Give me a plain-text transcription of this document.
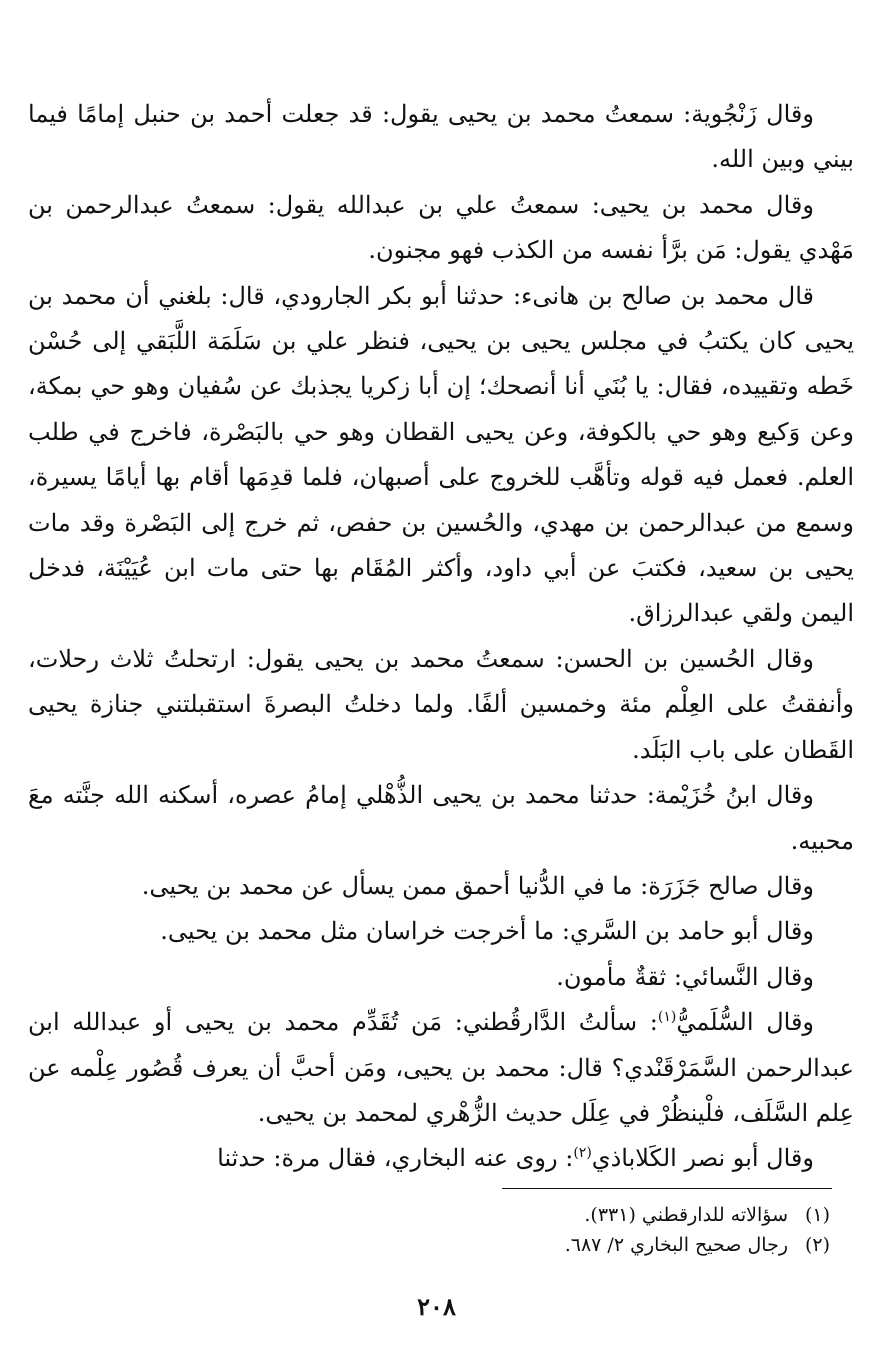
وقال زَنْجُوية: سمعتُ محمد بن يحيى يقول: قد جعلت أحمد بن حنبل إمامًا فيما بيني وبين الله.

وقال محمد بن يحيى: سمعتُ علي بن عبدالله يقول: سمعتُ عبدالرحمن بن مَهْدي يقول: مَن برَّأ نفسه من الكذب فهو مجنون.

قال محمد بن صالح بن هانىء: حدثنا أبو بكر الجارودي، قال: بلغني أن محمد بن يحيى كان يكتبُ في مجلس يحيى بن يحيى، فنظر علي بن سَلَمَة اللَّبَقي إلى حُسْن خَطه وتقييده، فقال: يا بُنَي أنا أنصحك؛ إن أبا زكريا يجذبك عن سُفيان وهو حي بمكة، وعن وَكيع وهو حي بالكوفة، وعن يحيى القطان وهو حي بالبَصْرة، فاخرج في طلب العلم. فعمل فيه قوله وتأهَّب للخروج على أصبهان، فلما قدِمَها أقام بها أيامًا يسيرة، وسمع من عبدالرحمن بن مهدي، والحُسين بن حفص، ثم خرج إلى البَصْرة وقد مات يحيى بن سعيد، فكتبَ عن أبي داود، وأكثر المُقَام بها حتى مات ابن عُيَيْنَة، فدخل اليمن ولقي عبدالرزاق.

وقال الحُسين بن الحسن: سمعتُ محمد بن يحيى يقول: ارتحلتُ ثلاث رحلات، وأنفقتُ على العِلْم مئة وخمسين ألفًا. ولما دخلتُ البصرةَ استقبلتني جنازة يحيى القَطان على باب البَلَد.

وقال ابنُ خُزَيْمة: حدثنا محمد بن يحيى الذُّهْلي إمامُ عصره، أسكنه الله جنَّته معَ محبيه.

وقال صالح جَزَرَة: ما في الدُّنيا أحمق ممن يسأل عن محمد بن يحيى.

وقال أبو حامد بن السَّري: ما أخرجت خراسان مثل محمد بن يحيى.

وقال النَّسائي: ثقةٌ مأمون.

وقال السُّلَميُّ$^{(١)}$: سألتُ الدَّارقُطني: مَن تُقَدِّم محمد بن يحيى أو عبدالله ابن عبدالرحمن السَّمَرْقَنْدي؟ قال: محمد بن يحيى، ومَن أحبَّ أن يعرف قُصُور عِلْمه عن عِلم السَّلَف، فلْينظُرْ في عِلَل حديث الزُّهْري لمحمد بن يحيى.

وقال أبو نصر الكَلاباذي$^{(٢)}$: روى عنه البخاري، فقال مرة: حدثنا

(١)سؤالاته للدارقطني (٣٣١).

(٢)رجال صحيح البخاري ٢/ ٦٨٧.

٢٠٨
